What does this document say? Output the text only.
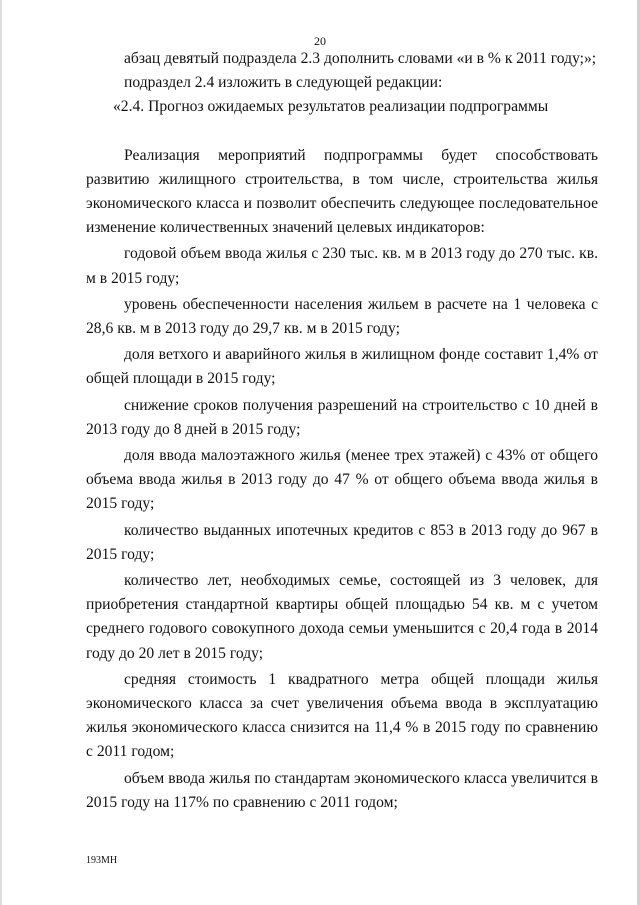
20

абзац девятый подраздела 2.3 дополнить словами «и в % к 2011 году;»;

подраздел 2.4 изложить в следующей редакции:

«2.4. Прогноз ожидаемых результатов реализации подпрограммы

Реализация мероприятий подпрограммы будет способствовать развитию жилищного строительства, в том числе, строительства жилья экономического класса и позволит обеспечить следующее последовательное изменение количественных значений целевых индикаторов:

годовой объем ввода жилья с 230 тыс. кв. м в 2013 году до 270 тыс. кв. м в 2015 году;

уровень обеспеченности населения жильем в расчете на 1 человека с 28,6 кв. м в 2013 году до 29,7 кв. м в 2015 году;

доля ветхого и аварийного жилья в жилищном фонде составит 1,4% от общей площади в 2015 году;

снижение сроков получения разрешений на строительство с 10 дней в 2013 году до 8 дней в 2015 году;

доля ввода малоэтажного жилья (менее трех этажей) с 43% от общего объема ввода жилья в 2013 году до 47 % от общего объема ввода жилья в 2015 году;

количество выданных ипотечных кредитов с 853 в 2013 году до 967 в 2015 году;

количество лет, необходимых семье, состоящей из 3 человек, для приобретения стандартной квартиры общей площадью 54 кв. м с учетом среднего годового совокупного дохода семьи уменьшится с 20,4 года в 2014 году до 20 лет в 2015 году;

средняя стоимость 1 квадратного метра общей площади жилья экономического класса за счет увеличения объема ввода в эксплуатацию жилья экономического класса снизится на 11,4 % в 2015 году по сравнению с 2011 годом;

объем ввода жилья по стандартам экономического класса увеличится в 2015 году на 117% по сравнению с 2011 годом;

193МН
